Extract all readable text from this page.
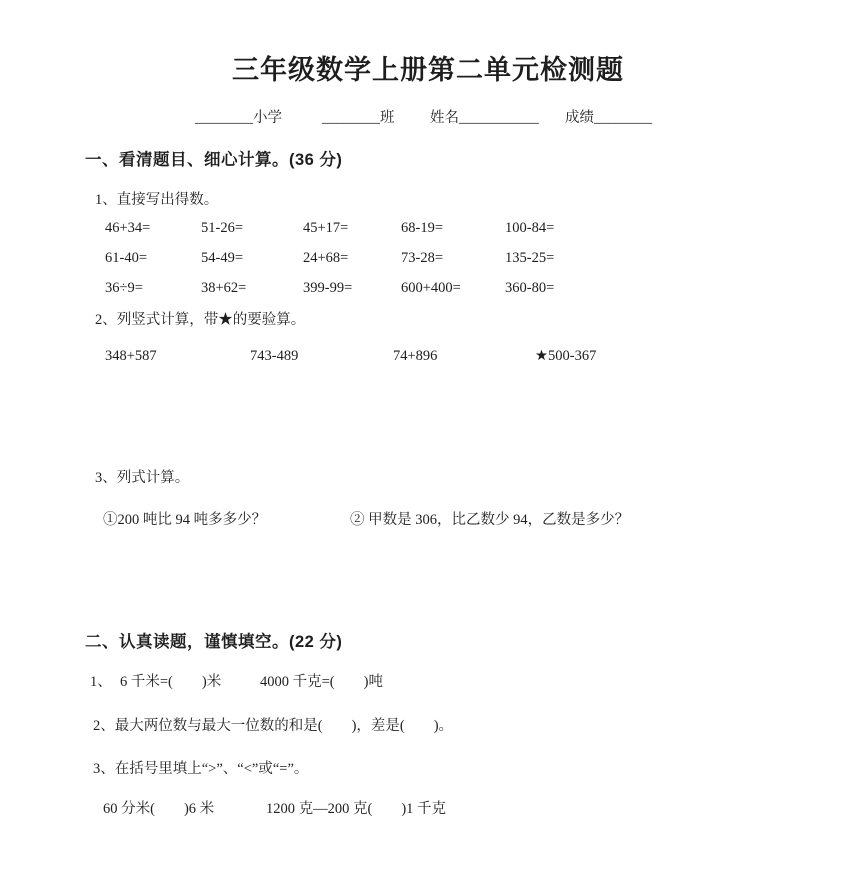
三年级数学上册第二单元检测题
________小学	________班 姓名___________ 成绩________
一、看清题目、细心计算。(36 分)
1、直接写出得数。
46+34=	51-26=	45+17=	68-19=	100-84=
61-40=	54-49=	24+68=	73-28=	135-25=
36÷9=	38+62=	399-99=	600+400=	360-80=
2、列竖式计算，带★的要验算。
348+587	743-489	74+896	★500-367
3、列式计算。
①200 吨比 94 吨多多少？	② 甲数是 306，比乙数少 94，乙数是多少？
二、认真读题，谨慎填空。(22 分)
1、 6 千米=(　　)米	4000 千克=(　　)吨
2、最大两位数与最大一位数的和是(　　)，差是(　　)。
3、在括号里填上“>”、“<”或“=”。
60 分米(　　)6 米	1200 克—200 克(　　)1 千克
